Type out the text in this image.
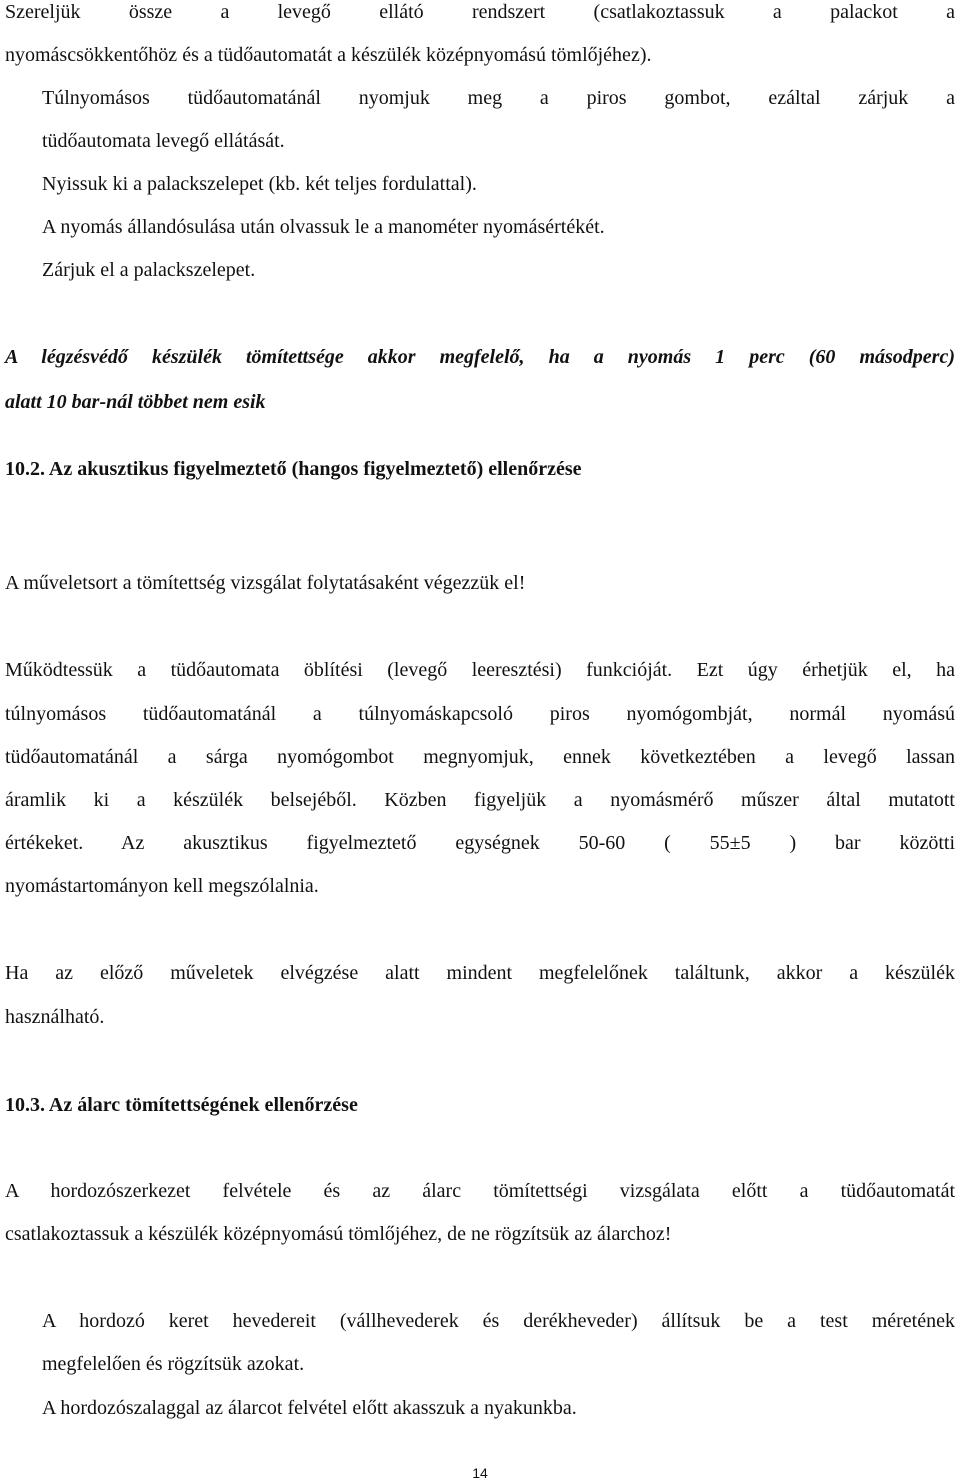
Szereljük össze a levegő ellátó rendszert (csatlakoztassuk a palackot a
nyomáscsökkentőhöz és a tüdőautomatát a készülék középnyomású tömlőjéhez).
Túlnyomásos tüdőautomatánál nyomjuk meg a piros gombot, ezáltal zárjuk a
tüdőautomata levegő ellátását.
Nyissuk ki a palackszelepet (kb. két teljes fordulattal).
A nyomás állandósulása után olvassuk le a manométer nyomásértékét.
Zárjuk el a palackszelepet.
A légzésvédő készülék tömítettsége akkor megfelelő, ha a nyomás 1 perc (60 másodperc)
alatt 10 bar-nál többet nem esik
10.2. Az akusztikus figyelmeztető (hangos figyelmeztető) ellenőrzése
A műveletsort a tömítettség vizsgálat folytatásaként végezzük el!
Működtessük a tüdőautomata öblítési (levegő leeresztési) funkcióját. Ezt úgy érhetjük el, ha
túlnyomásos tüdőautomatánál a túlnyomáskapcsoló piros nyomógombját, normál nyomású
tüdőautomatánál a sárga nyomógombot megnyomjuk, ennek következtében a levegő lassan
áramlik ki a készülék belsejéből. Közben figyeljük a nyomásmérő műszer által mutatott
értékeket. Az akusztikus figyelmeztető egységnek 50-60 ( 55±5 ) bar közötti
nyomástartományon kell megszólalnia.
Ha az előző műveletek elvégzése alatt mindent megfelelőnek találtunk, akkor a készülék
használható.
10.3. Az álarc tömítettségének ellenőrzése
A hordozószerkezet felvétele és az álarc tömítettségi vizsgálata előtt a tüdőautomatát
csatlakoztassuk a készülék középnyomású tömlőjéhez, de ne rögzítsük az álarchoz!
A hordozó keret hevedereit (vállhevederek és derékheveder) állítsuk be a test méretének
megfelelően és rögzítsük azokat.
A hordozószalaggal az álarcot felvétel előtt akasszuk a nyakunkba.
14
